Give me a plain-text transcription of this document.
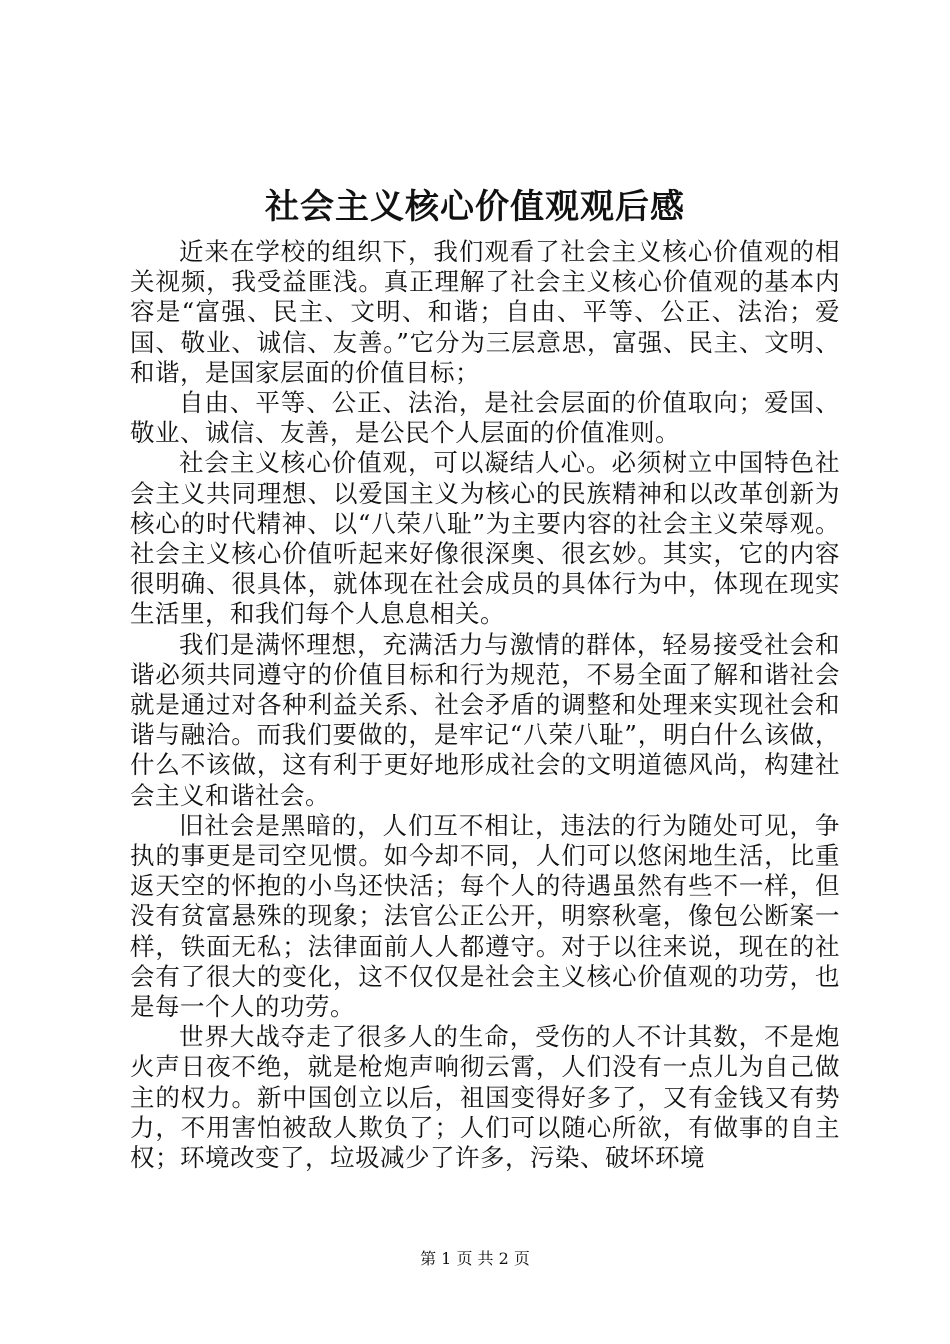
社会主义核心价值观观后感

近来在学校的组织下，我们观看了社会主义核心价值观的相关视频，我受益匪浅。真正理解了社会主义核心价值观的基本内容是“富强、民主、文明、和谐；自由、平等、公正、法治；爱国、敬业、诚信、友善。”它分为三层意思，富强、民主、文明、和谐，是国家层面的价值目标；

自由、平等、公正、法治，是社会层面的价值取向；爱国、敬业、诚信、友善，是公民个人层面的价值准则。

社会主义核心价值观，可以凝结人心。必须树立中国特色社会主义共同理想、以爱国主义为核心的民族精神和以改革创新为核心的时代精神、以“八荣八耻”为主要内容的社会主义荣辱观。社会主义核心价值听起来好像很深奥、很玄妙。其实，它的内容很明确、很具体，就体现在社会成员的具体行为中，体现在现实生活里，和我们每个人息息相关。

我们是满怀理想，充满活力与激情的群体，轻易接受社会和谐必须共同遵守的价值目标和行为规范，不易全面了解和谐社会就是通过对各种利益关系、社会矛盾的调整和处理来实现社会和谐与融洽。而我们要做的，是牢记“八荣八耻”，明白什么该做，什么不该做，这有利于更好地形成社会的文明道德风尚，构建社会主义和谐社会。

旧社会是黑暗的，人们互不相让，违法的行为随处可见，争执的事更是司空见惯。如今却不同，人们可以悠闲地生活，比重返天空的怀抱的小鸟还快活；每个人的待遇虽然有些不一样，但没有贫富悬殊的现象；法官公正公开，明察秋毫，像包公断案一样，铁面无私；法律面前人人都遵守。对于以往来说，现在的社会有了很大的变化，这不仅仅是社会主义核心价值观的功劳，也是每一个人的功劳。

世界大战夺走了很多人的生命，受伤的人不计其数，不是炮火声日夜不绝，就是枪炮声响彻云霄，人们没有一点儿为自己做主的权力。新中国创立以后，祖国变得好多了，又有金钱又有势力，不用害怕被敌人欺负了；人们可以随心所欲，有做事的自主权；环境改变了，垃圾减少了许多，污染、破坏环境

第 1 页 共 2 页
